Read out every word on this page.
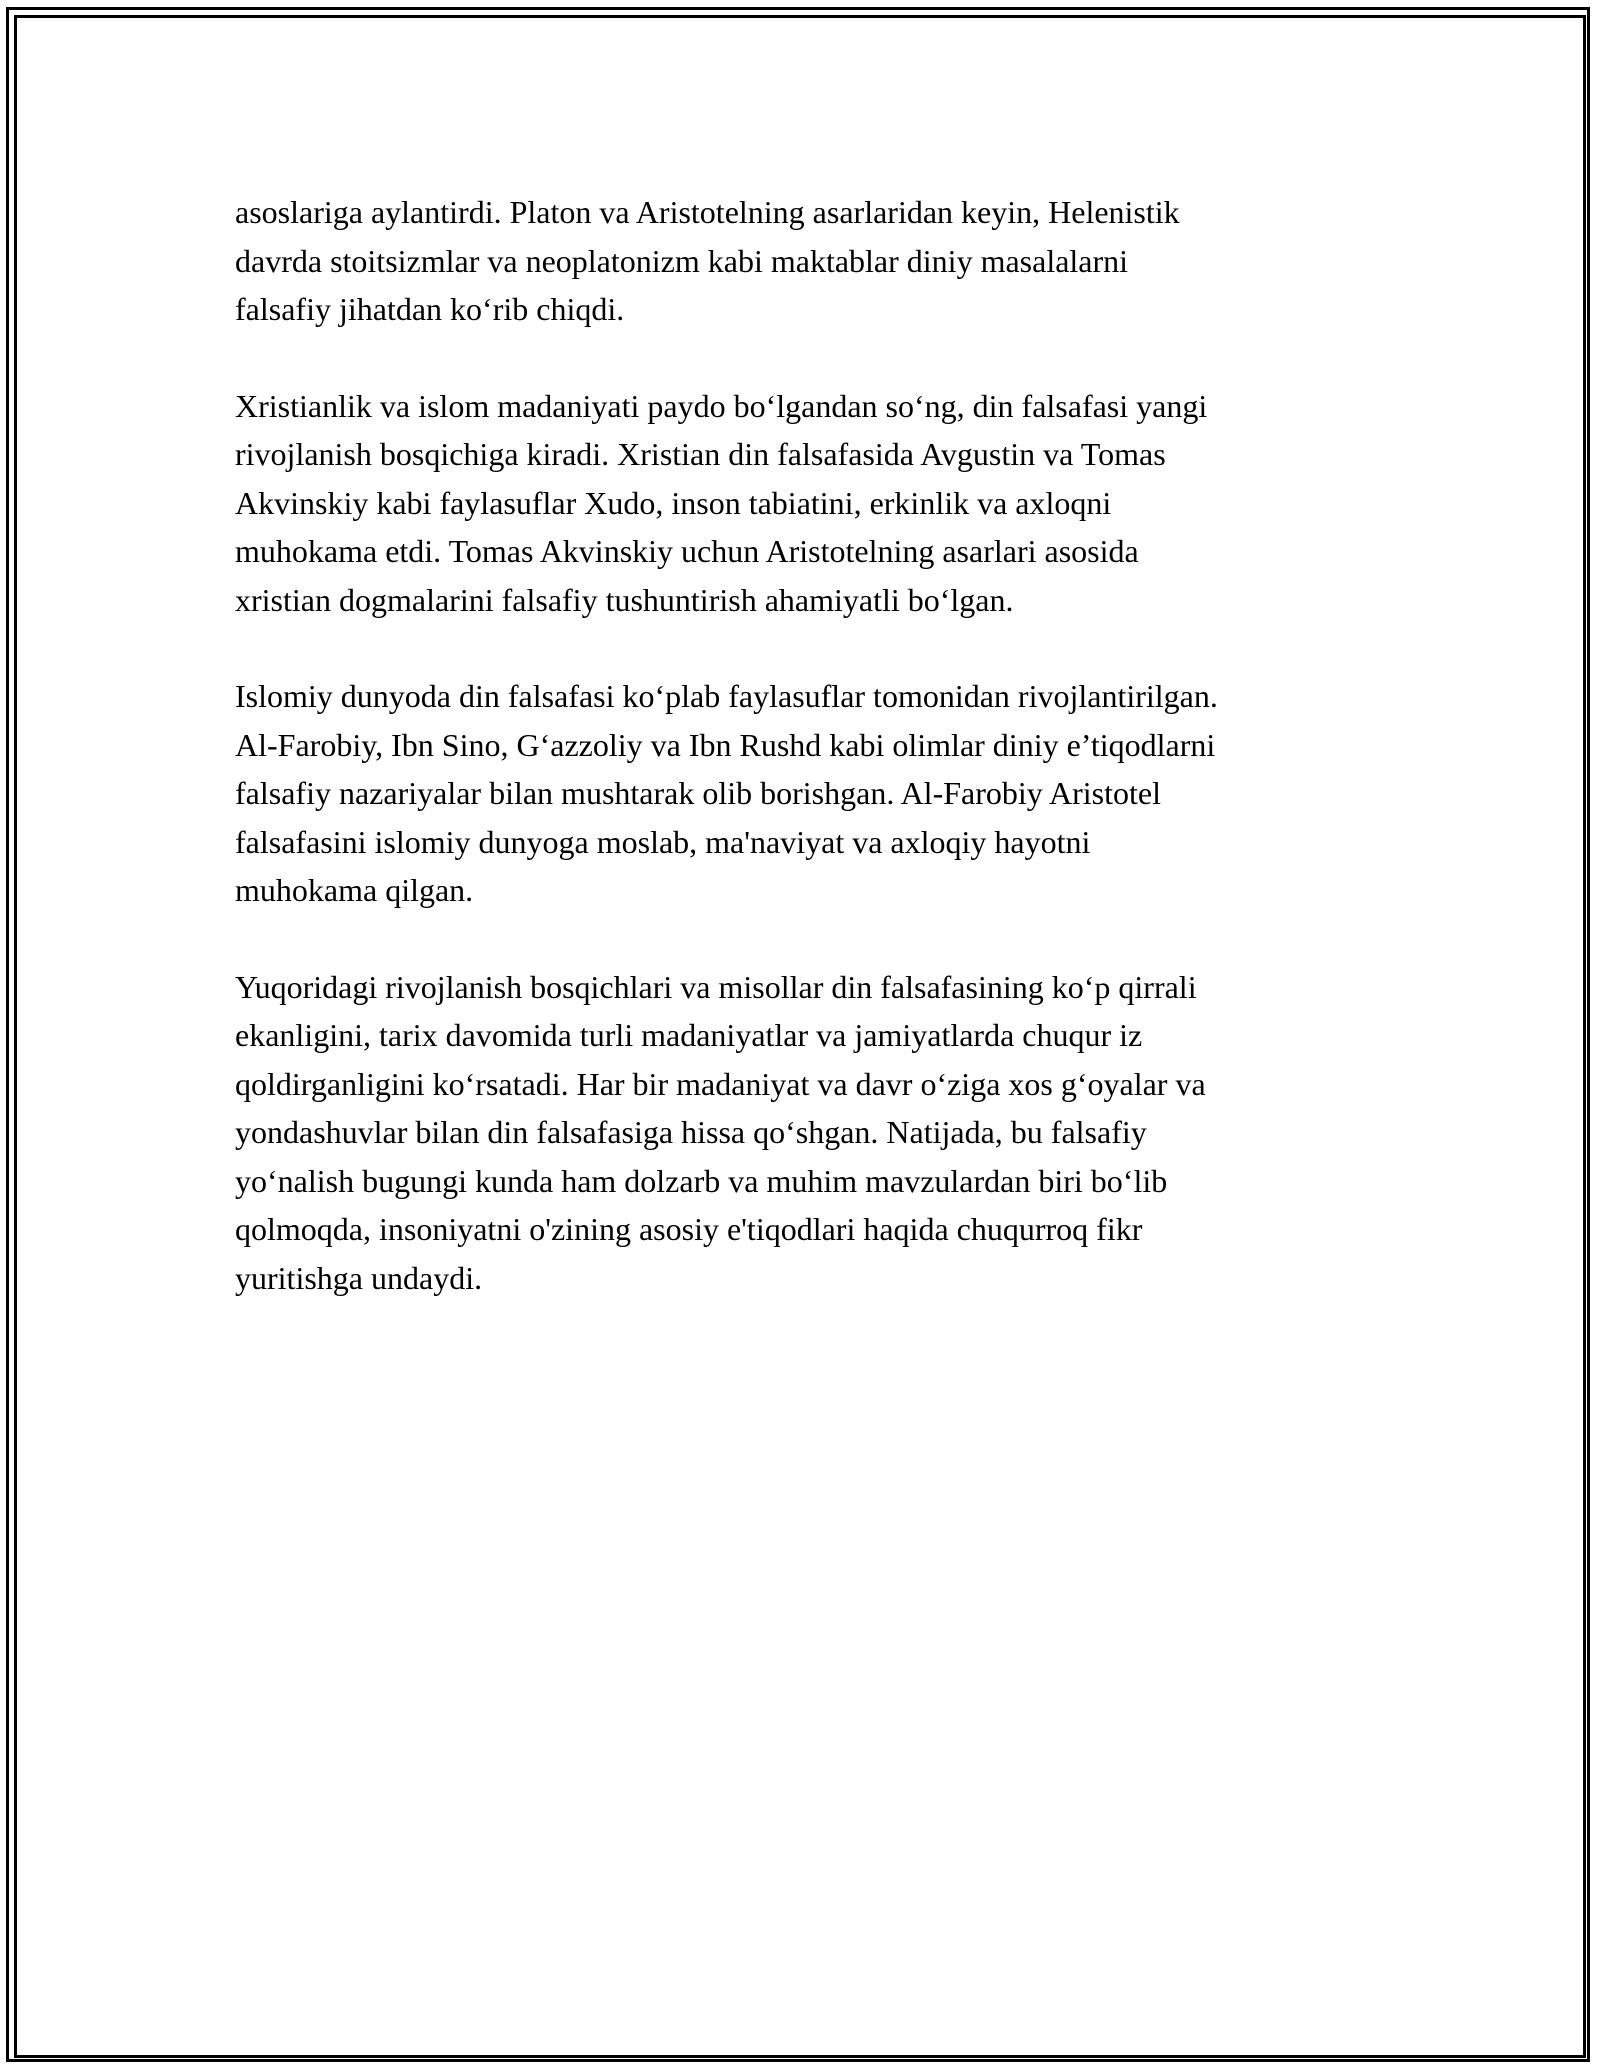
asoslariga aylantirdi. Platon va Aristotelning asarlaridan keyin, Helenistik
davrda stoitsizmlar va neoplatonizm kabi maktablar diniy masalalarni
falsafiy jihatdan ko‘rib chiqdi.
Xristianlik va islom madaniyati paydo bo‘lgandan so‘ng, din falsafasi yangi
rivojlanish bosqichiga kiradi. Xristian din falsafasida Avgustin va Tomas
Akvinskiy kabi faylasuflar Xudo, inson tabiatini, erkinlik va axloqni
muhokama etdi. Tomas Akvinskiy uchun Aristotelning asarlari asosida
xristian dogmalarini falsafiy tushuntirish ahamiyatli bo‘lgan.
Islomiy dunyoda din falsafasi ko‘plab faylasuflar tomonidan rivojlantirilgan.
Al-Farobiy, Ibn Sino, G‘azzoliy va Ibn Rushd kabi olimlar diniy e’tiqodlarni
falsafiy nazariyalar bilan mushtarak olib borishgan. Al-Farobiy Aristotel
falsafasini islomiy dunyoga moslab, ma'naviyat va axloqiy hayotni
muhokama qilgan.
Yuqoridagi rivojlanish bosqichlari va misollar din falsafasining ko‘p qirrali
ekanligini, tarix davomida turli madaniyatlar va jamiyatlarda chuqur iz
qoldirganligini ko‘rsatadi. Har bir madaniyat va davr o‘ziga xos g‘oyalar va
yondashuvlar bilan din falsafasiga hissa qo‘shgan. Natijada, bu falsafiy
yo‘nalish bugungi kunda ham dolzarb va muhim mavzulardan biri bo‘lib
qolmoqda, insoniyatni o'zining asosiy e'tiqodlari haqida chuqurroq fikr
yuritishga undaydi.
